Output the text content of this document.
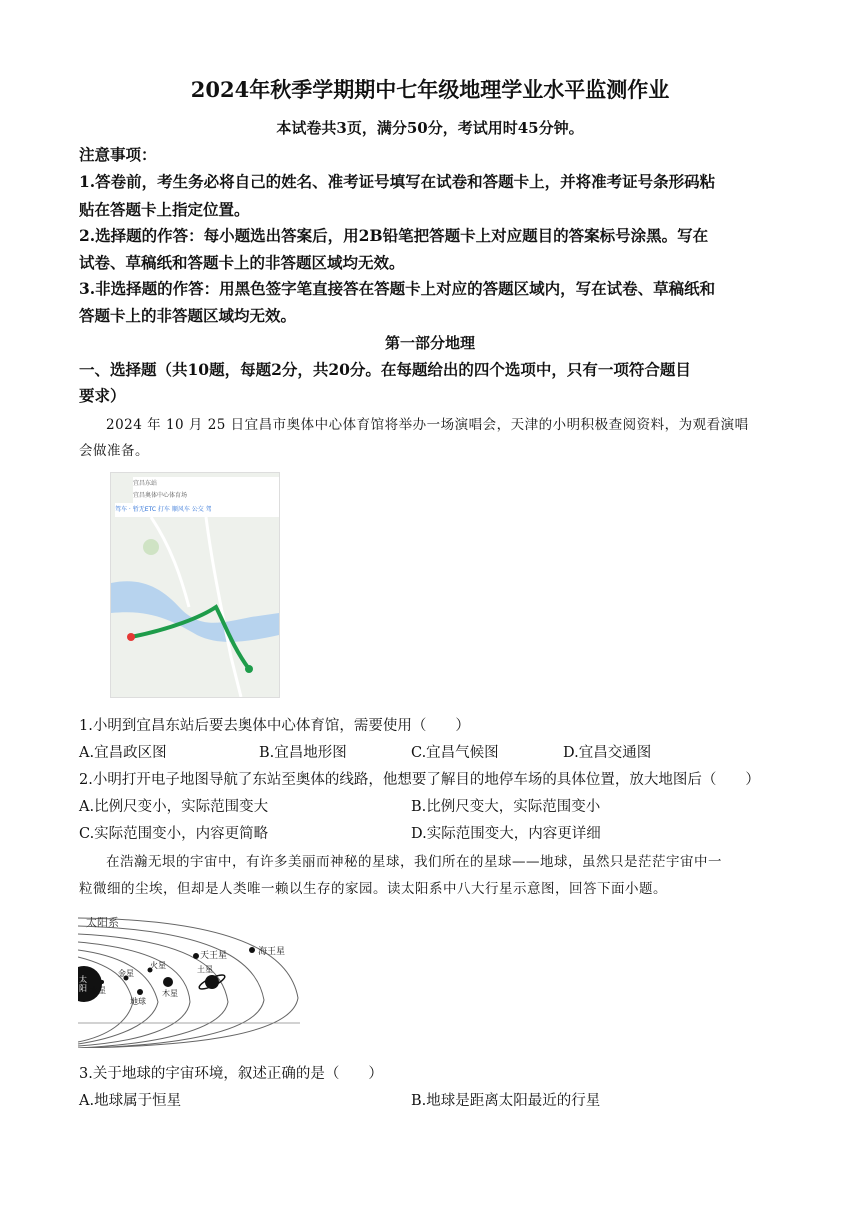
2024年秋季学期期中七年级地理学业水平监测作业
本试卷共3页，满分50分，考试用时45分钟。
注意事项：
1.答卷前，考生务必将自己的姓名、准考证号填写在试卷和答题卡上，并将准考证号条形码粘
贴在答题卡上指定位置。
2.选择题的作答：每小题选出答案后，用2B铅笔把答题卡上对应题目的答案标号涂黑。写在
试卷、草稿纸和答题卡上的非答题区域均无效。
3.非选择题的作答：用黑色签字笔直接答在答题卡上对应的答题区域内，写在试卷、草稿纸和
答题卡上的非答题区域均无效。
第一部分地理
一、选择题（共10题，每题2分，共20分。在每题给出的四个选项中，只有一项符合题目
要求）
2024 年 10 月 25 日宜昌市奥体中心体育馆将举办一场演唱会，天津的小明积极查阅资料，为观看演唱
会做准备。
宜昌东站
宜昌奥体中心体育场
驾车 · 暂无ETC 打车 顺风车 公交 驾
1.小明到宜昌东站后要去奥体中心体育馆，需要使用（　　）
A.宜昌政区图	B.宜昌地形图	C.宜昌气候图	D.宜昌交通图
2.小明打开电子地图导航了东站至奥体的线路，他想要了解目的地停车场的具体位置，放大地图后（　　）
A.比例尺变小，实际范围变大	B.比例尺变大，实际范围变小
C.实际范围变小，内容更简略	D.实际范围变大，内容更详细
在浩瀚无垠的宇宙中，有许多美丽而神秘的星球，我们所在的星球——地球，虽然只是茫茫宇宙中一
粒微细的尘埃，但却是人类唯一赖以生存的家园。读太阳系中八大行星示意图，回答下面小题。
太阳系
太阳 水星
金星
地球
火星
木星
土星
天王星	海王星
3.关于地球的宇宙环境，叙述正确的是（　　）
A.地球属于恒星	B.地球是距离太阳最近的行星
